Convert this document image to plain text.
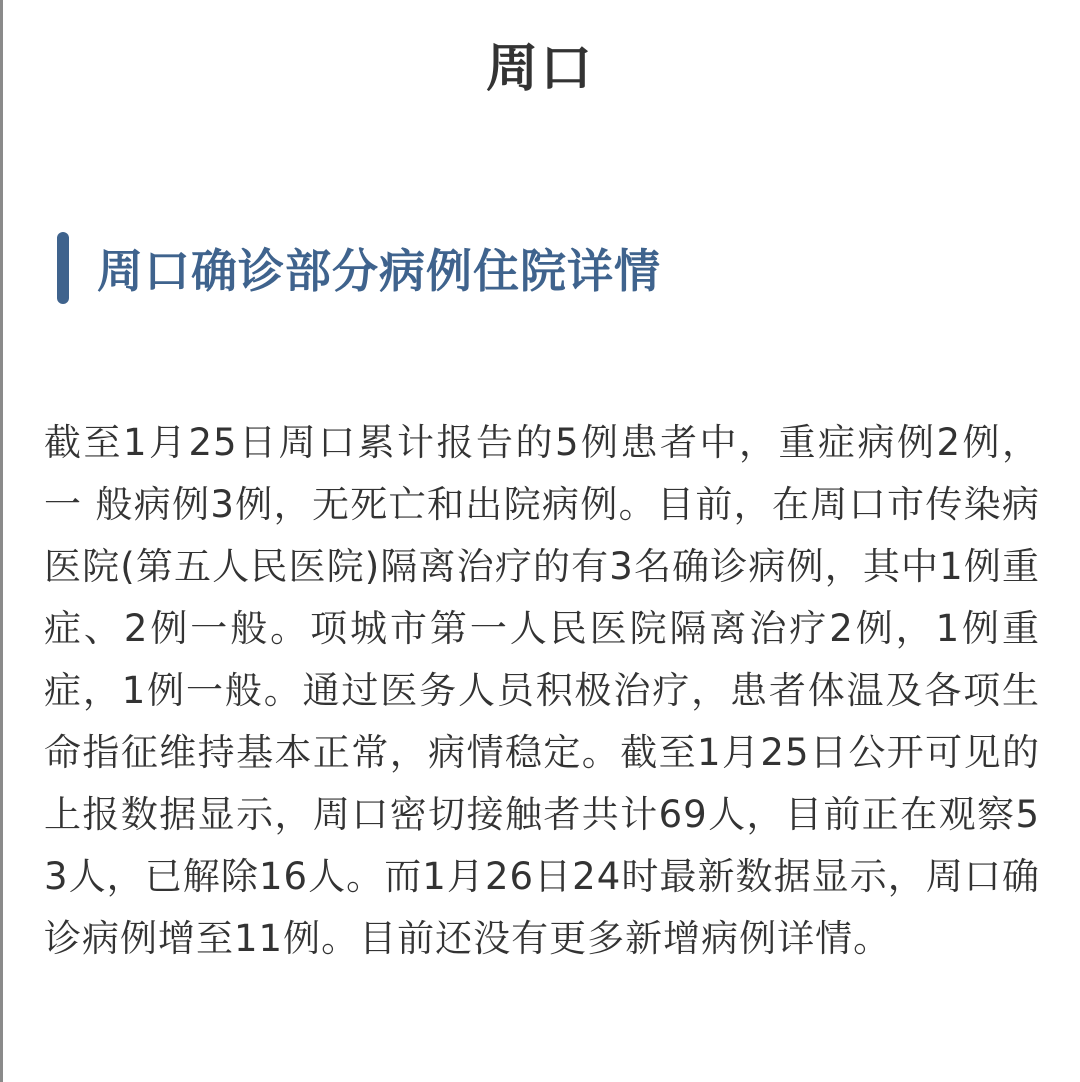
周口
周口确诊部分病例住院详情
截至1月25日周口累计报告的5例患者中，重症病例2例，一 般病例3例，无死亡和出院病例。目前，在周口市传染病医院(第五人民医院)隔离治疗的有3名确诊病例，其中1例重症、2例一般。项城市第一人民医院隔离治疗2例，1例重症，1例一般。通过医务人员积极治疗，患者体温及各项生命指征维持基本正常，病情稳定。截至1月25日公开可见的上报数据显示，周口密切接触者共计69人，目前正在观察53人，已解除16人。而1月26日24时最新数据显示，周口确诊病例增至11例。目前还没有更多新增病例详情。
